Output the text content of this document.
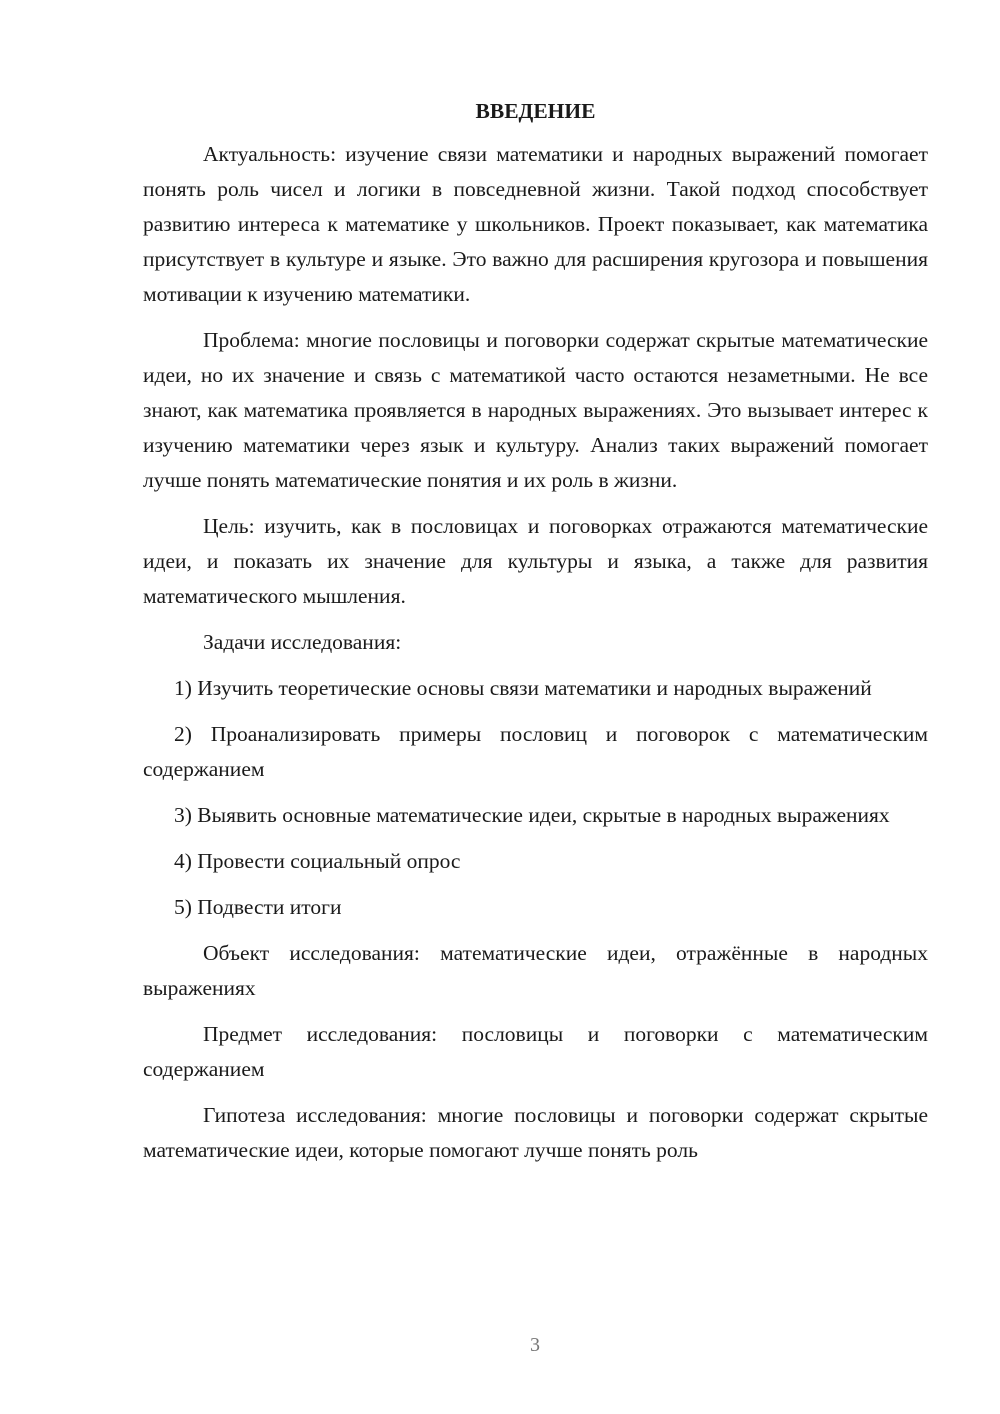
ВВЕДЕНИЕ

Актуальность: изучение связи математики и народных выражений помогает понять роль чисел и логики в повседневной жизни. Такой подход способствует развитию интереса к математике у школьников. Проект показывает, как математика присутствует в культуре и языке. Это важно для расширения кругозора и повышения мотивации к изучению математики.

Проблема: многие пословицы и поговорки содержат скрытые математические идеи, но их значение и связь с математикой часто остаются незаметными. Не все знают, как математика проявляется в народных выражениях. Это вызывает интерес к изучению математики через язык и культуру. Анализ таких выражений помогает лучше понять математические понятия и их роль в жизни.

Цель: изучить, как в пословицах и поговорках отражаются математические идеи, и показать их значение для культуры и языка, а также для развития математического мышления.

Задачи исследования:

1) Изучить теоретические основы связи математики и народных выражений

2) Проанализировать примеры пословиц и поговорок с математическим содержанием

3) Выявить основные математические идеи, скрытые в народных выражениях

4) Провести социальный опрос

5) Подвести итоги

Объект исследования: математические идеи, отражённые в народных выражениях

Предмет исследования: пословицы и поговорки с математическим содержанием

Гипотеза исследования: многие пословицы и поговорки содержат скрытые математические идеи, которые помогают лучше понять роль

3
